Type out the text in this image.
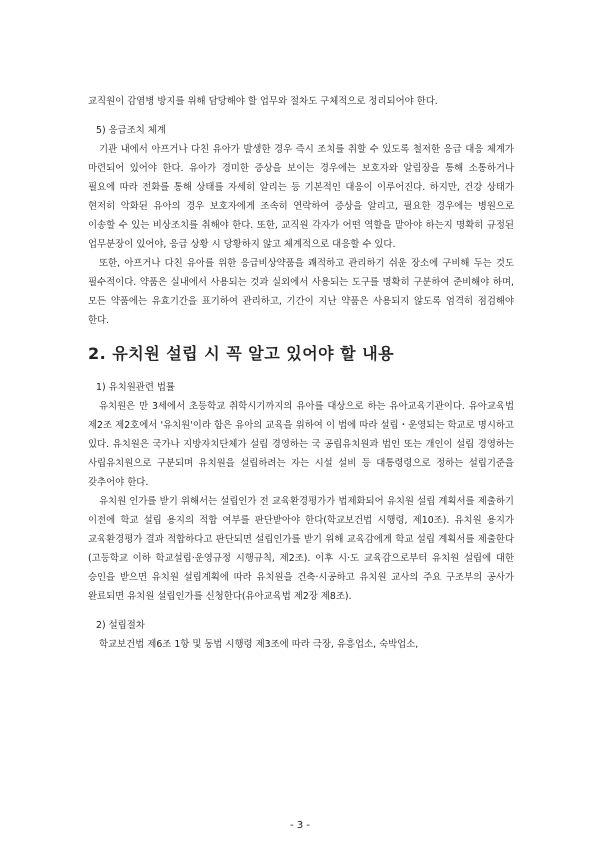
교직원이 감염병 방지를 위해 담당해야 할 업무와 절차도 구체적으로 정리되어야 한다.

5) 응급조치 체계

기관 내에서 아프거나 다친 유아가 발생한 경우 즉시 조치를 취할 수 있도록 철저한 응급 대응 체계가 마련되어 있어야 한다. 유아가 경미한 증상을 보이는 경우에는 보호자와 알림장을 통해 소통하거나 필요에 따라 전화를 통해 상태를 자세히 알리는 등 기본적인 대응이 이루어진다. 하지만, 건강 상태가 현저히 악화된 유아의 경우 보호자에게 조속히 연락하여 증상을 알리고, 필요한 경우에는 병원으로 이송할 수 있는 비상조치를 취해야 한다. 또한, 교직원 각자가 어떤 역할을 맡아야 하는지 명확히 규정된 업무분장이 있어야, 응급 상황 시 당황하지 않고 체계적으로 대응할 수 있다.

또한, 아프거나 다친 유아를 위한 응급비상약품을 쾌적하고 관리하기 쉬운 장소에 구비해 두는 것도 필수적이다. 약품은 실내에서 사용되는 것과 실외에서 사용되는 도구를 명확히 구분하여 준비해야 하며, 모든 약품에는 유효기간을 표기하여 관리하고, 기간이 지난 약품은 사용되지 않도록 엄격히 점검해야 한다.

2. 유치원 설립 시 꼭 알고 있어야 할 내용
1) 유치원관련 법률

유치원은 만 3세에서 초등학교 취학시기까지의 유아를 대상으로 하는 유아교육기관이다. 유아교육법 제2조 제2호에서 '유치원'이라 함은 유아의 교육을 위하여 이 법에 따라 설립・운영되는 학교로 명시하고 있다. 유치원은 국가나 지방자치단체가 설립 경영하는 국 공립유치원과 법인 또는 개인이 설립 경영하는 사립유치원으로 구분되며 유치원을 설립하려는 자는 시설 설비 등 대통령령으로 정하는 설립기준을 갖추어야 한다.

유치원 인가를 받기 위해서는 설립인가 전 교육환경평가가 법제화되어 유치원 설립 계획서를 제출하기 이전에 학교 설립 용지의 적합 여부를 판단받아야 한다(학교보건법 시행령, 제10조). 유치원 용지가 교육환경평가 결과 적합하다고 판단되면 설립인가를 받기 위해 교육감에게 학교 설립 계획서를 제출한다(고등학교 이하 학교설립·운영규정 시행규칙, 제2조). 이후 시·도 교육감으로부터 유치원 설립에 대한 승인을 받으면 유치원 설립계획에 따라 유치원을 건축·시공하고 유치원 교사의 주요 구조부의 공사가 완료되면 유치원 설립인가를 신청한다(유아교육법 제2장 제8조).

2) 설립절차

학교보건법 제6조 1항 및 동법 시행령 제3조에 따라 극장, 유흥업소, 숙박업소,

- 3 -
